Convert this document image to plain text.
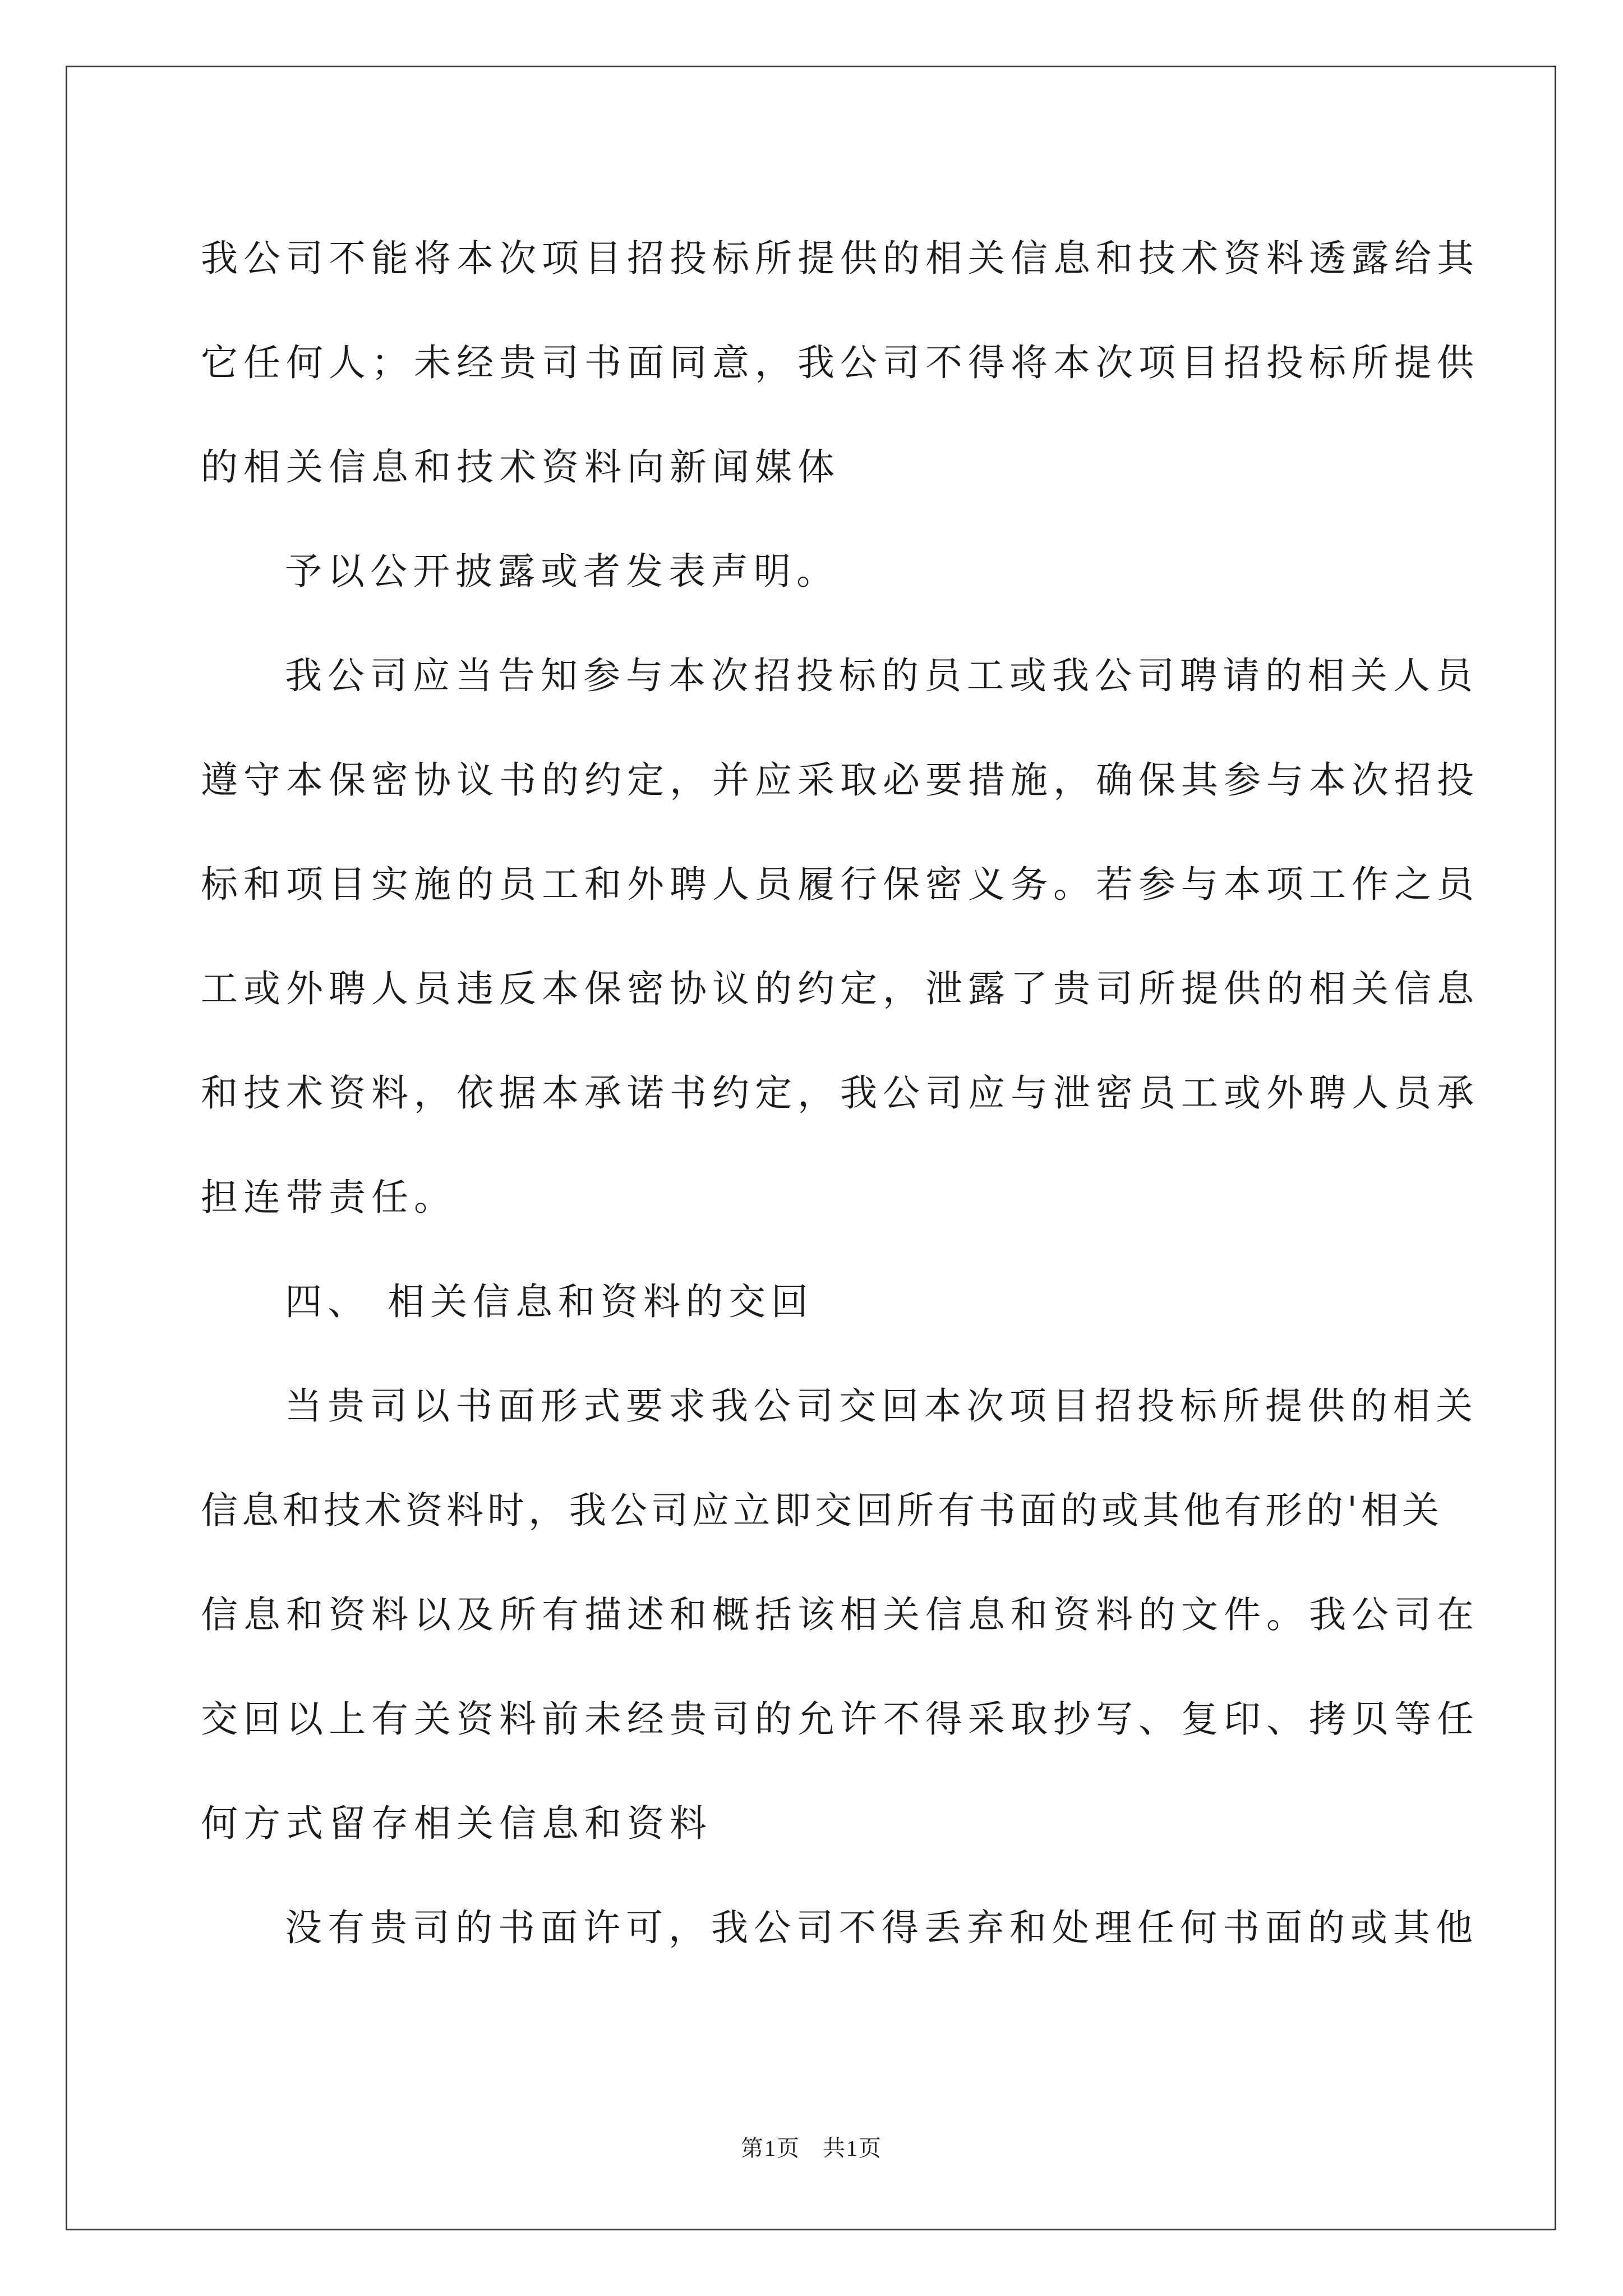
我公司不能将本次项目招投标所提供的相关信息和技术资料透露给其
它任何人；未经贵司书面同意，我公司不得将本次项目招投标所提供
的相关信息和技术资料向新闻媒体
予以公开披露或者发表声明。
我公司应当告知参与本次招投标的员工或我公司聘请的相关人员
遵守本保密协议书的约定，并应采取必要措施，确保其参与本次招投
标和项目实施的员工和外聘人员履行保密义务。若参与本项工作之员
工或外聘人员违反本保密协议的约定，泄露了贵司所提供的相关信息
和技术资料，依据本承诺书约定，我公司应与泄密员工或外聘人员承
担连带责任。
四、 相关信息和资料的交回
当贵司以书面形式要求我公司交回本次项目招投标所提供的相关
信息和技术资料时，我公司应立即交回所有书面的或其他有形的'相关
信息和资料以及所有描述和概括该相关信息和资料的文件。我公司在
交回以上有关资料前未经贵司的允许不得采取抄写、复印、拷贝等任
何方式留存相关信息和资料
没有贵司的书面许可，我公司不得丢弃和处理任何书面的或其他
第1页 共1页
